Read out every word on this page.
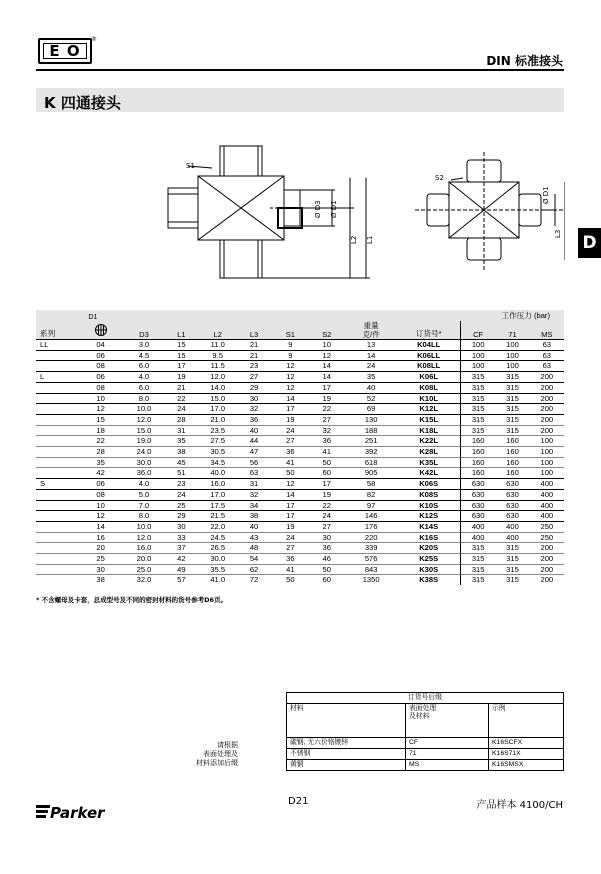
E O
®
DIN 标准接头
K 四通接头
D
S1
Ø D3 Ø D1
L2 L1
S2
Ø D1
L3
	D1									工作压力 (bar)		
系列		D3	L1	L2	L3	S1	S2	重量
克/件	订货号*	CF	71	MS
LL	04	3.0	15	11.0	21	9	10	13	K04LL	100	100	63
	06	4.5	15	9.5	21	9	12	14	K06LL	100	100	63
	08	6.0	17	11.5	23	12	14	24	K08LL	100	100	63
L	06	4.0	19	12.0	27	12	14	35	K06L	315	315	200
	08	6.0	21	14.0	29	12	17	40	K08L	315	315	200
	10	8.0	22	15.0	30	14	19	52	K10L	315	315	200
	12	10.0	24	17.0	32	17	22	69	K12L	315	315	200
	15	12.0	28	21.0	36	19	27	130	K15L	315	315	200
	18	15.0	31	23.5	40	24	32	188	K18L	315	315	200
	22	19.0	35	27.5	44	27	36	251	K22L	160	160	100
	28	24.0	38	30.5	47	36	41	392	K28L	160	160	100
	35	30.0	45	34.5	56	41	50	618	K35L	160	160	100
	42	36.0	51	40.0	63	50	60	905	K42L	160	160	100
S	06	4.0	23	16.0	31	12	17	58	K06S	630	630	400
	08	5.0	24	17.0	32	14	19	82	K08S	630	630	400
	10	7.0	25	17.5	34	17	22	97	K10S	630	630	400
	12	8.0	29	21.5	38	17	24	146	K12S	630	630	400
	14	10.0	30	22.0	40	19	27	176	K14S	400	400	250
	16	12.0	33	24.5	43	24	30	220	K16S	400	400	250
	20	16.0	37	26.5	48	27	36	339	K20S	315	315	200
	25	20.0	42	30.0	54	36	46	576	K25S	315	315	200
	30	25.0	49	35.5	62	41	50	843	K30S	315	315	200
	38	32.0	57	41.0	72	50	60	1350	K38S	315	315	200
* 不含螺母及卡套，总成型号及不同的密封材料的货号参考D6页。
请根据
表面处理及
材料添加后缀
订货号后缀		
材料	表面处理
及材料	示例
碳钢, 无六价铬镀锌	CF	K16SCFX
不锈钢	71	K16S71X
黄铜	MS	K16SMSX
Parker
D21	产品样本 4100/CH
